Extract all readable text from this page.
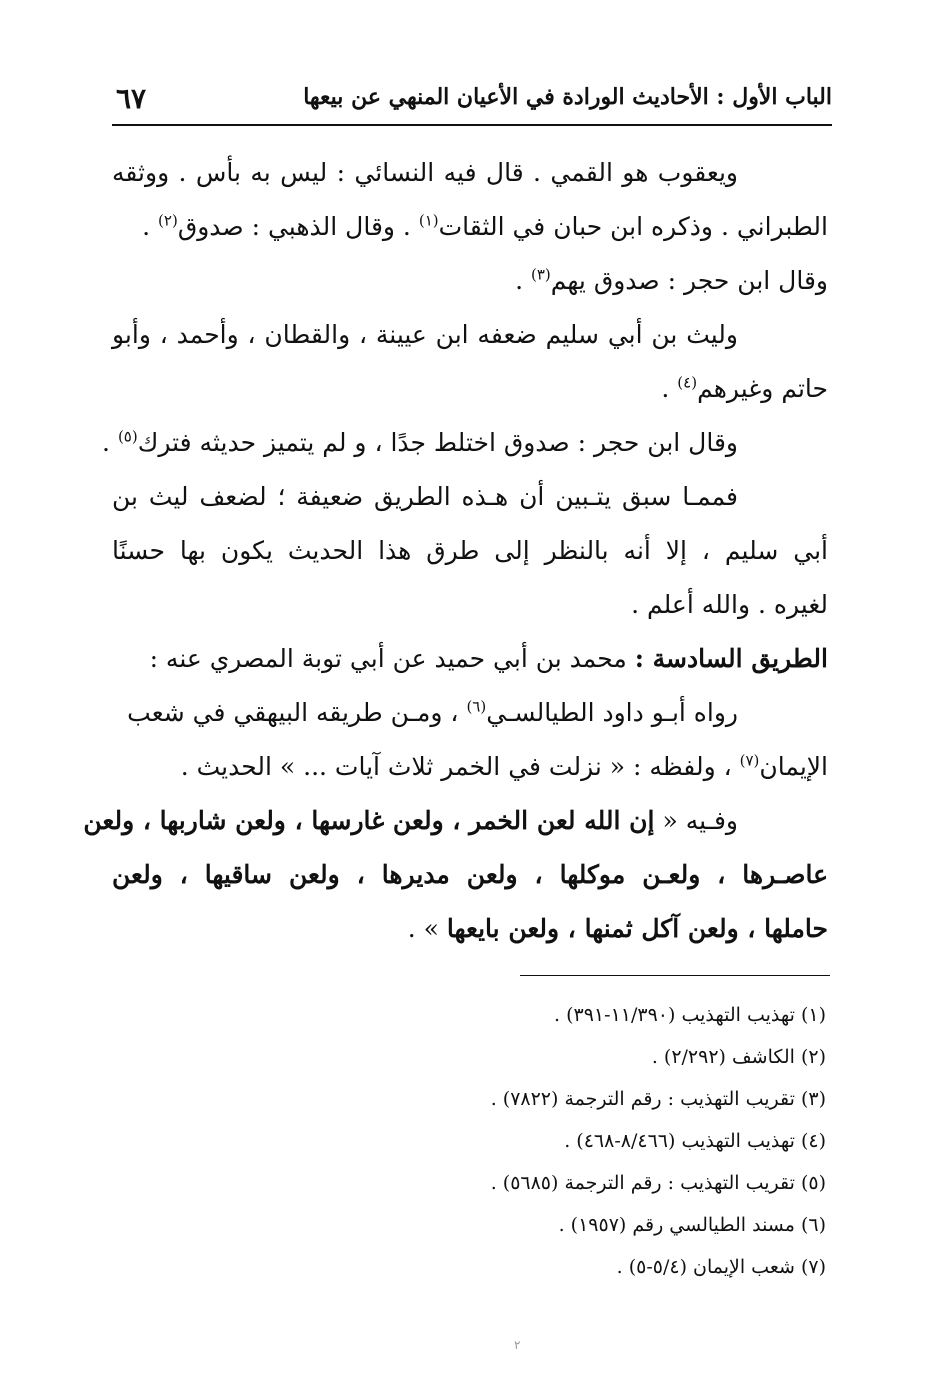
الباب الأول : الأحاديث الورادة في الأعيان المنهي عن بيعها
٦٧
ويعقوب هو القمي . قال فيه النسائي : ليس به بأس . ووثقه
الطبراني . وذكره ابن حبان في الثقات$^{(١)}$ . وقال الذهبي : صدوق$^{(٢)}$ .
وقال ابن حجر : صدوق يهم$^{(٣)}$ .
وليث بن أبي سليم ضعفه ابن عيينة ، والقطان ، وأحمد ، وأبو
حاتم وغيرهم$^{(٤)}$ .
وقال ابن حجر : صدوق اختلط جدًا ، و لم يتميز حديثه فترك$^{(٥)}$ .
فممـا سبق يتـبين أن هـذه الطريق ضعيفة ؛ لضعف ليث بن
أبي سليم ، إلا أنه بالنظر إلى طرق هذا الحديث يكون بها حسنًا
لغيره . والله أعلم .
الطريق السادسة : محمد بن أبي حميد عن أبي توبة المصري عنه :
رواه أبـو داود الطيالسـي$^{(٦)}$ ، ومـن طريقه البيهقي في شعب
الإيمان$^{(٧)}$ ، ولفظه : « نزلت في الخمر ثلاث آيات ... » الحديث .
وفـيه « إن الله لعن الخمر ، ولعن غارسها ، ولعن شاربها ، ولعن
عاصـرها ، ولعـن موكلها ، ولعن مديرها ، ولعن ساقيها ، ولعن
حاملها ، ولعن آكل ثمنها ، ولعن بايعها » .
(١)تهذيب التهذيب (١١/٣٩٠-٣٩١) .
(٢)الكاشف (٢/٢٩٢) .
(٣)تقريب التهذيب : رقم الترجمة (٧٨٢٢) .
(٤)تهذيب التهذيب (٨/٤٦٦-٤٦٨) .
(٥)تقريب التهذيب : رقم الترجمة (٥٦٨٥) .
(٦)مسند الطيالسي رقم (١٩٥٧) .
(٧)شعب الإيمان (٥/٤-٥) .
٢
